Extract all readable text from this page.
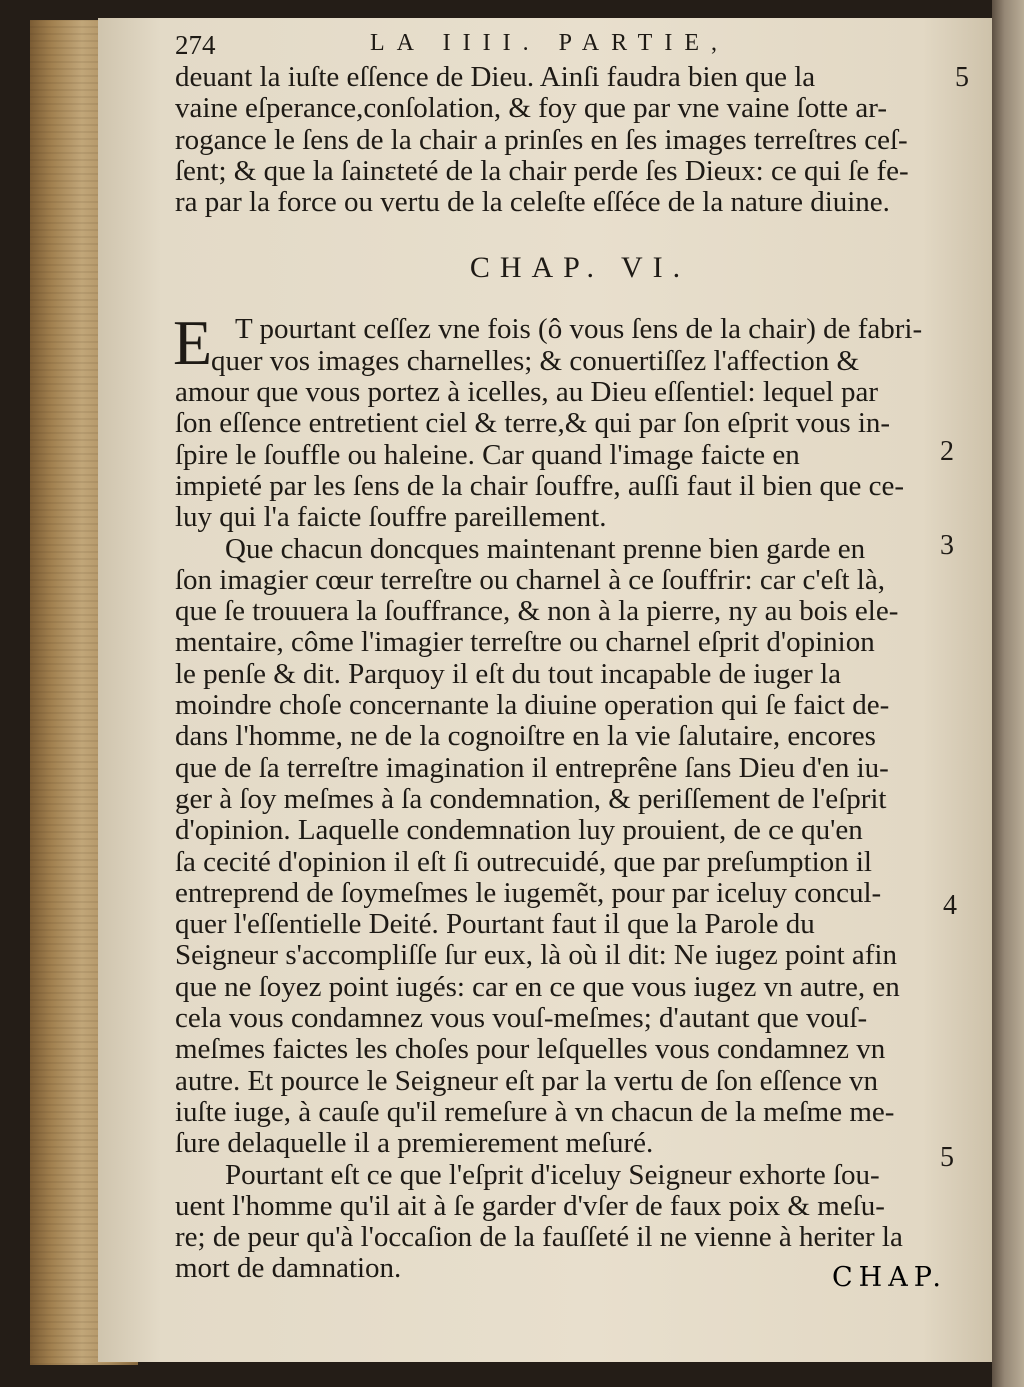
274	LA IIII. PARTIE,
deuant la iuſte eſſence de Dieu. Ainſi faudra bien que la
vaine eſperance,conſolation, & foy que par vne vaine ſotte ar-
rogance le ſens de la chair a prinſes en ſes images terreſtres ceſ-
ſent; & que la ſainɛteté de la chair perde ſes Dieux: ce qui ſe fe-
ra par la force ou vertu de la celeſte eſſéce de la nature diuine.
CHAP. VI.
E T pourtant ceſſez vne fois (ô vous ſens de la chair) de fabri-
quer vos images charnelles; & conuertiſſez l'affection &
amour que vous portez à icelles, au Dieu eſſentiel: lequel par
ſon eſſence entretient ciel & terre,& qui par ſon eſprit vous in-
ſpire le ſouffle ou haleine. Car quand l'image faicte en
impieté par les ſens de la chair ſouffre, auſſi faut il bien que ce-
luy qui l'a faicte ſouffre pareillement.
Que chacun doncques maintenant prenne bien garde en
ſon imagier cœur terreſtre ou charnel à ce ſouffrir: car c'eſt là,
que ſe trouuera la ſouffrance, & non à la pierre, ny au bois ele-
mentaire, côme l'imagier terreſtre ou charnel eſprit d'opinion
le penſe & dit. Parquoy il eſt du tout incapable de iuger la
moindre choſe concernante la diuine operation qui ſe faict de-
dans l'homme, ne de la cognoiſtre en la vie ſalutaire, encores
que de ſa terreſtre imagination il entreprêne ſans Dieu d'en iu-
ger à ſoy meſmes à ſa condemnation, & periſſement de l'eſprit
d'opinion. Laquelle condemnation luy prouient, de ce qu'en
ſa cecité d'opinion il eſt ſi outrecuidé, que par preſumption il
entreprend de ſoymeſmes le iugemẽt, pour par iceluy concul-
quer l'eſſentielle Deité. Pourtant faut il que la Parole du
Seigneur s'accompliſſe ſur eux, là où il dit: Ne iugez point afin
que ne ſoyez point iugés: car en ce que vous iugez vn autre, en
cela vous condamnez vous vouſ-meſmes; d'autant que vouſ-
meſmes faictes les choſes pour leſquelles vous condamnez vn
autre. Et pource le Seigneur eſt par la vertu de ſon eſſence vn
iuſte iuge, à cauſe qu'il remeſure à vn chacun de la meſme me-
ſure delaquelle il a premierement meſuré.
Pourtant eſt ce que l'eſprit d'iceluy Seigneur exhorte ſou-
uent l'homme qu'il ait à ſe garder d'vſer de faux poix & meſu-
re; de peur qu'à l'occaſion de la fauſſeté il ne vienne à heriter la
mort de damnation.
5
2
3
4
5
CHAP.
